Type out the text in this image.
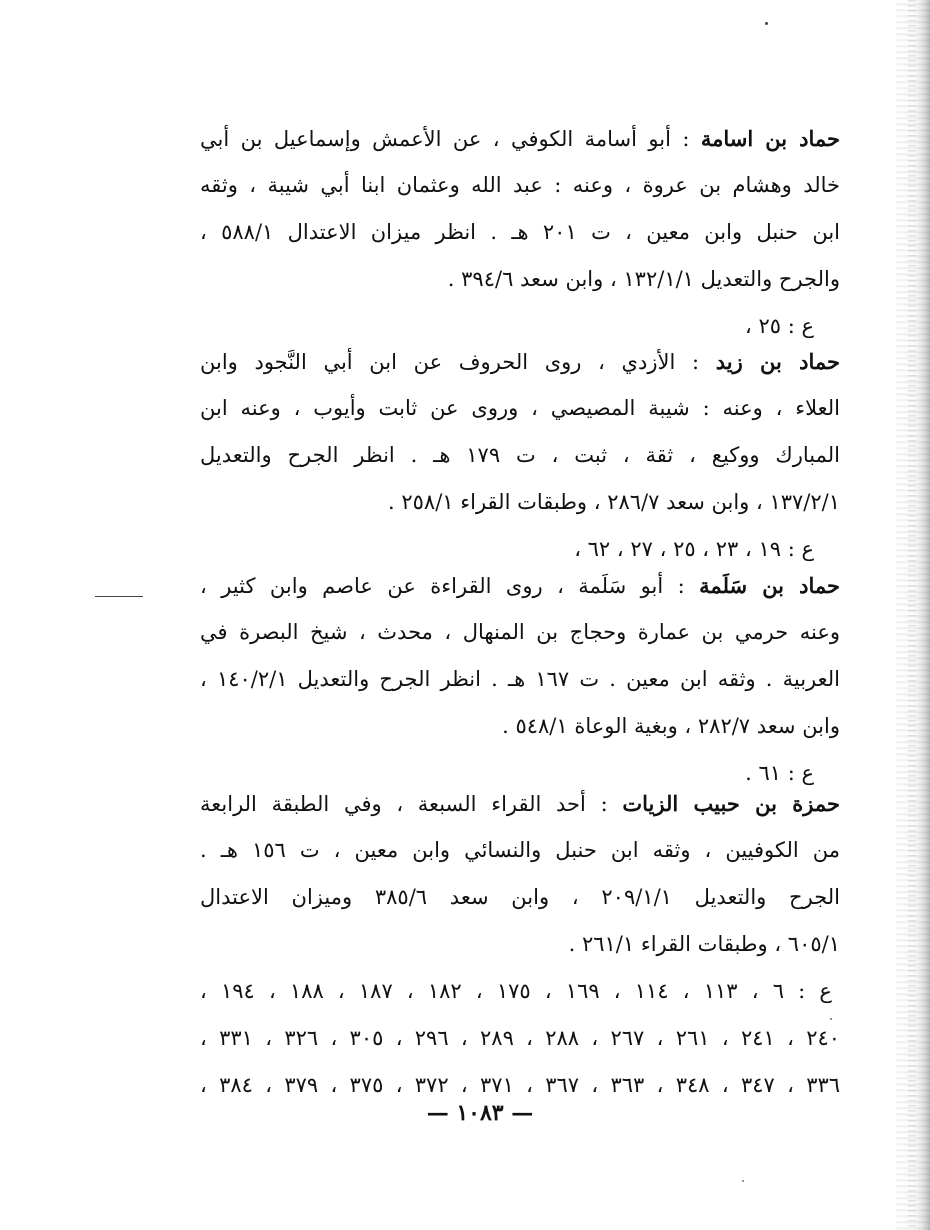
حماد بن اسامة : أبو أسامة الكوفي ، عن الأعمش وإسماعيل بن أبي
خالد وهشام بن عروة ، وعنه : عبد الله وعثمان ابنا أبي شيبة ، وثقه
ابن حنبل وابن معين ، ت ٢٠١ هـ . انظر ميزان الاعتدال ٥٨٨/١ ،
والجرح والتعديل ١٣٢/١/١ ، وابن سعد ٣٩٤/٦ .
ع : ٢٥ ،
حماد بن زيد : الأزدي ، روى الحروف عن ابن أبي النَّجود وابن
العلاء ، وعنه : شيبة المصيصي ، وروى عن ثابت وأيوب ، وعنه ابن
المبارك ووكيع ، ثقة ، ثبت ، ت ١٧٩ هـ . انظر الجرح والتعديل
١٣٧/٢/١ ، وابن سعد ٢٨٦/٧ ، وطبقات القراء ٢٥٨/١ .
ع : ١٩ ، ٢٣ ، ٢٥ ، ٢٧ ، ٦٢ ،
حماد بن سَلَمة : أبو سَلَمة ، روى القراءة عن عاصم وابن كثير ،
وعنه حرمي بن عمارة وحجاج بن المنهال ، محدث ، شيخ البصرة في
العربية . وثقه ابن معين . ت ١٦٧ هـ . انظر الجرح والتعديل ١٤٠/٢/١ ،
وابن سعد ٢٨٢/٧ ، وبغية الوعاة ٥٤٨/١ .
ع : ٦١ .
حمزة بن حبيب الزيات : أحد القراء السبعة ، وفي الطبقة الرابعة
من الكوفيين ، وثقه ابن حنبل والنسائي وابن معين ، ت ١٥٦ هـ .
الجرح والتعديل ٢٠٩/١/١ ، وابن سعد ٣٨٥/٦ وميزان الاعتدال
٦٠٥/١ ، وطبقات القراء ٢٦١/١ .
ع : ٦ ، ١١٣ ، ١١٤ ، ١٦٩ ، ١٧٥ ، ١٨٢ ، ١٨٧ ، ١٨٨ ، ١٩٤ ،
٢٤٠ ، ٢٤١ ، ٢٦١ ، ٢٦٧ ، ٢٨٨ ، ٢٨٩ ، ٢٩٦ ، ٣٠٥ ، ٣٢٦ ، ٣٣١ ،
٣٣٦ ، ٣٤٧ ، ٣٤٨ ، ٣٦٣ ، ٣٦٧ ، ٣٧١ ، ٣٧٢ ، ٣٧٥ ، ٣٧٩ ، ٣٨٤ ،
— ١٠٨٣ —
